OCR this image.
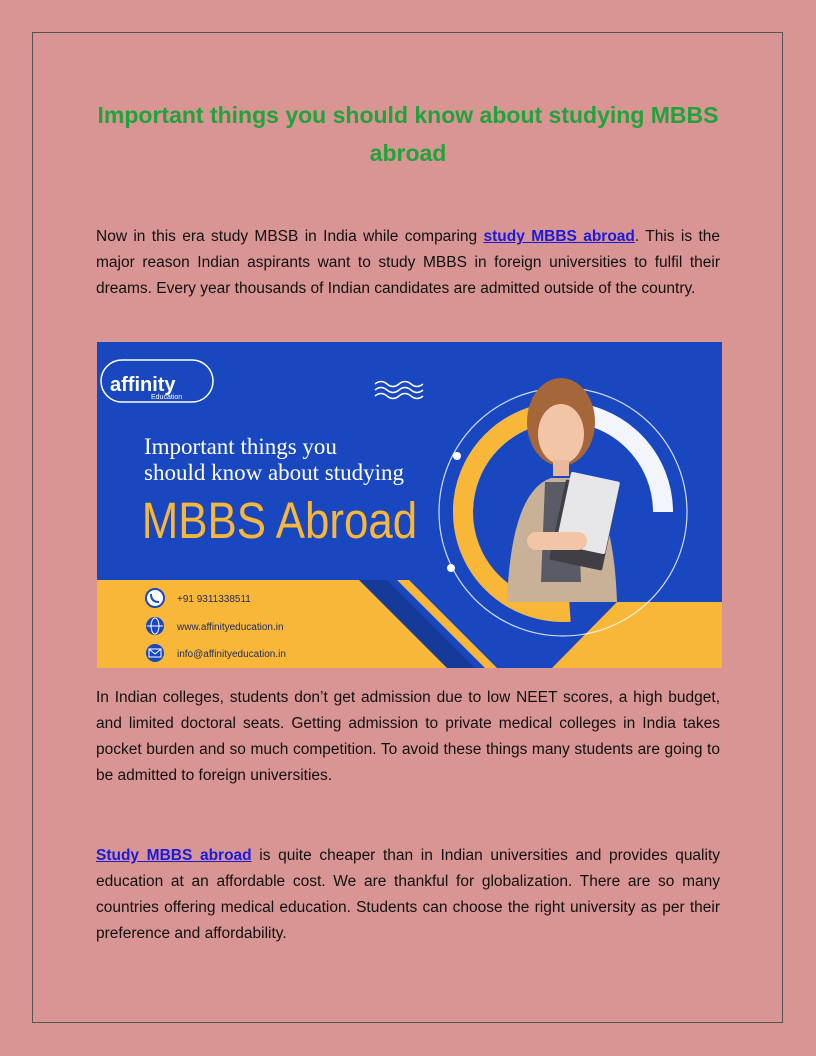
Important things you should know about studying MBBS abroad
Now in this era study MBSB in India while comparing study MBBS abroad. This is the major reason Indian aspirants want to study MBBS in foreign universities to fulfil their dreams. Every year thousands of Indian candidates are admitted outside of the country.
affinity
Education
Important things you
should know about studying
MBBS Abroad
+91 9311338511
www.affinityeducation.in
info@affinityeducation.in
In Indian colleges, students don’t get admission due to low NEET scores, a high budget, and limited doctoral seats. Getting admission to private medical colleges in India takes pocket burden and so much competition. To avoid these things many students are going to be admitted to foreign universities.
Study MBBS abroad is quite cheaper than in Indian universities and provides quality education at an affordable cost. We are thankful for globalization. There are so many countries offering medical education. Students can choose the right university as per their preference and affordability.
